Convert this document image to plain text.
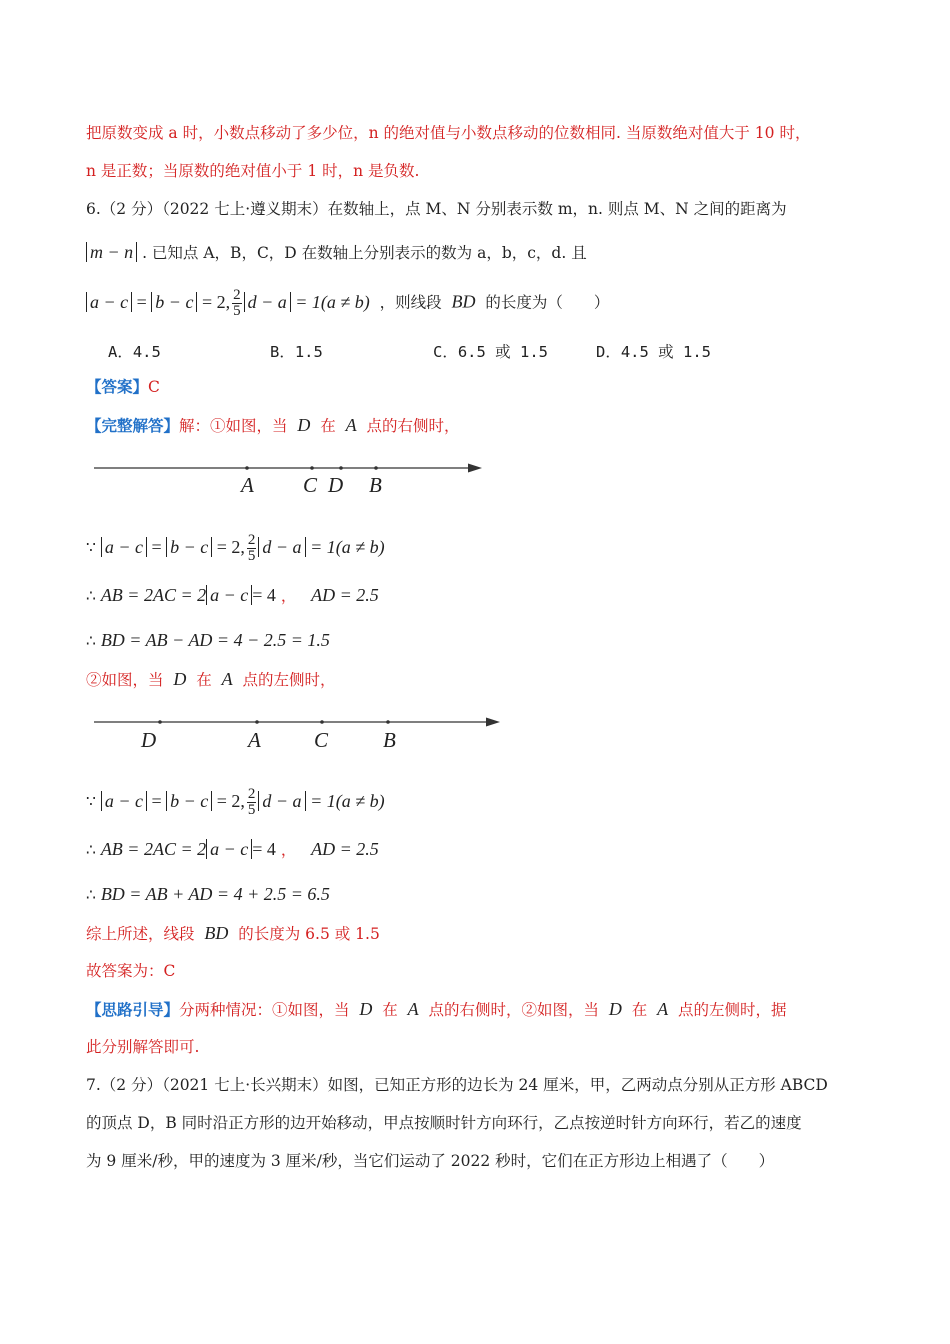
把原数变成 a 时，小数点移动了多少位，n 的绝对值与小数点移动的位数相同. 当原数绝对值大于 10 时，
n 是正数；当原数的绝对值小于 1 时，n 是负数.
6.（2 分）（2022 七上·遵义期末）在数轴上，点 M、N 分别表示数 m，n. 则点 M、N 之间的距离为
m − n . 已知点 A，B，C，D 在数轴上分别表示的数为 a，b，c，d. 且
a − c = b − c = 2, $\frac{2}{5}$ d − a = 1(a ≠ b) ，则线段 BD 的长度为（　　）
A．4.5	B．1.5	C．6.5 或 1.5	D．4.5 或 1.5
【答案】C
【完整解答】解：①如图，当 D 在 A 点的右侧时，
A C D B
∵ a − c = b − c = 2, $\frac{2}{5}$ d − a = 1(a ≠ b)
∴ AB = 2AC = 2 a − c = 4 ， AD = 2.5
∴ BD = AB − AD = 4 − 2.5 = 1.5
②如图，当 D 在 A 点的左侧时，
D	A	C	B
∵ a − c = b − c = 2, $\frac{2}{5}$ d − a = 1(a ≠ b)
∴ AB = 2AC = 2 a − c = 4 ， AD = 2.5
∴ BD = AB + AD = 4 + 2.5 = 6.5
综上所述，线段 BD 的长度为 6.5 或 1.5
故答案为：C
【思路引导】分两种情况：①如图，当 D 在 A 点的右侧时，②如图，当 D 在 A 点的左侧时，据
此分别解答即可.
7.（2 分）（2021 七上·长兴期末）如图，已知正方形的边长为 24 厘米，甲，乙两动点分别从正方形 ABCD
的顶点 D，B 同时沿正方形的边开始移动，甲点按顺时针方向环行，乙点按逆时针方向环行，若乙的速度
为 9 厘米/秒，甲的速度为 3 厘米/秒，当它们运动了 2022 秒时，它们在正方形边上相遇了（　　）
